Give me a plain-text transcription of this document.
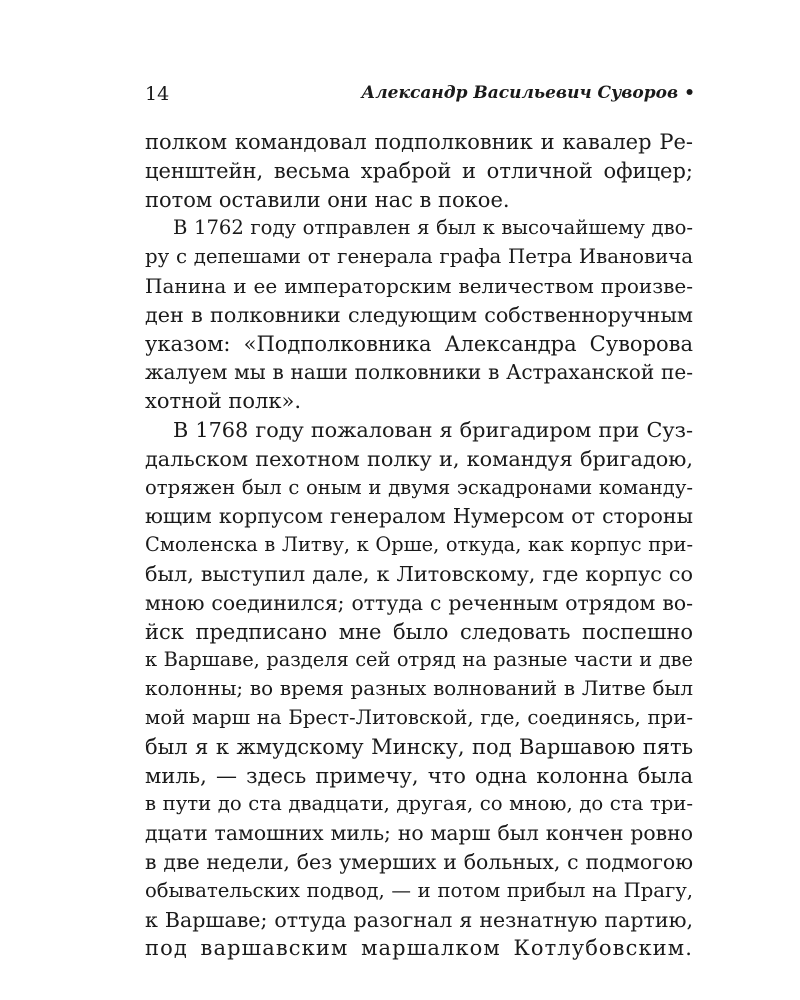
14	Александр Васильевич Суворов •
полком командовал подполковник и кавалер Ре-
ценштейн, весьма храброй и отличной офицер;
потом оставили они нас в покое.
В 1762 году отправлен я был к высочайшему дво-
ру с депешами от генерала графа Петра Ивановича
Панина и ее императорским величеством произве-
ден в полковники следующим собственноручным
указом: «Подполковника Александра Суворова
жалуем мы в наши полковники в Астраханской пе-
хотной полк».
В 1768 году пожалован я бригадиром при Суз-
дальском пехотном полку и, командуя бригадою,
отряжен был с оным и двумя эскадронами команду-
ющим корпусом генералом Нумерсом от стороны
Смоленска в Литву, к Орше, откуда, как корпус при-
был, выступил дале, к Литовскому, где корпус со
мною соединился; оттуда с реченным отрядом во-
йск предписано мне было следовать поспешно
к Варшаве, разделя сей отряд на разные части и две
колонны; во время разных волнований в Литве был
мой марш на Брест-Литовской, где, соединясь, при-
был я к жмудскому Минску, под Варшавою пять
миль, — здесь примечу, что одна колонна была
в пути до ста двадцати, другая, со мною, до ста три-
дцати тамошних миль; но марш был кончен ровно
в две недели, без умерших и больных, с подмогою
обывательских подвод, — и потом прибыл на Прагу,
к Варшаве; оттуда разогнал я незнатную партию,
под варшавским маршалком Котлубовским.
